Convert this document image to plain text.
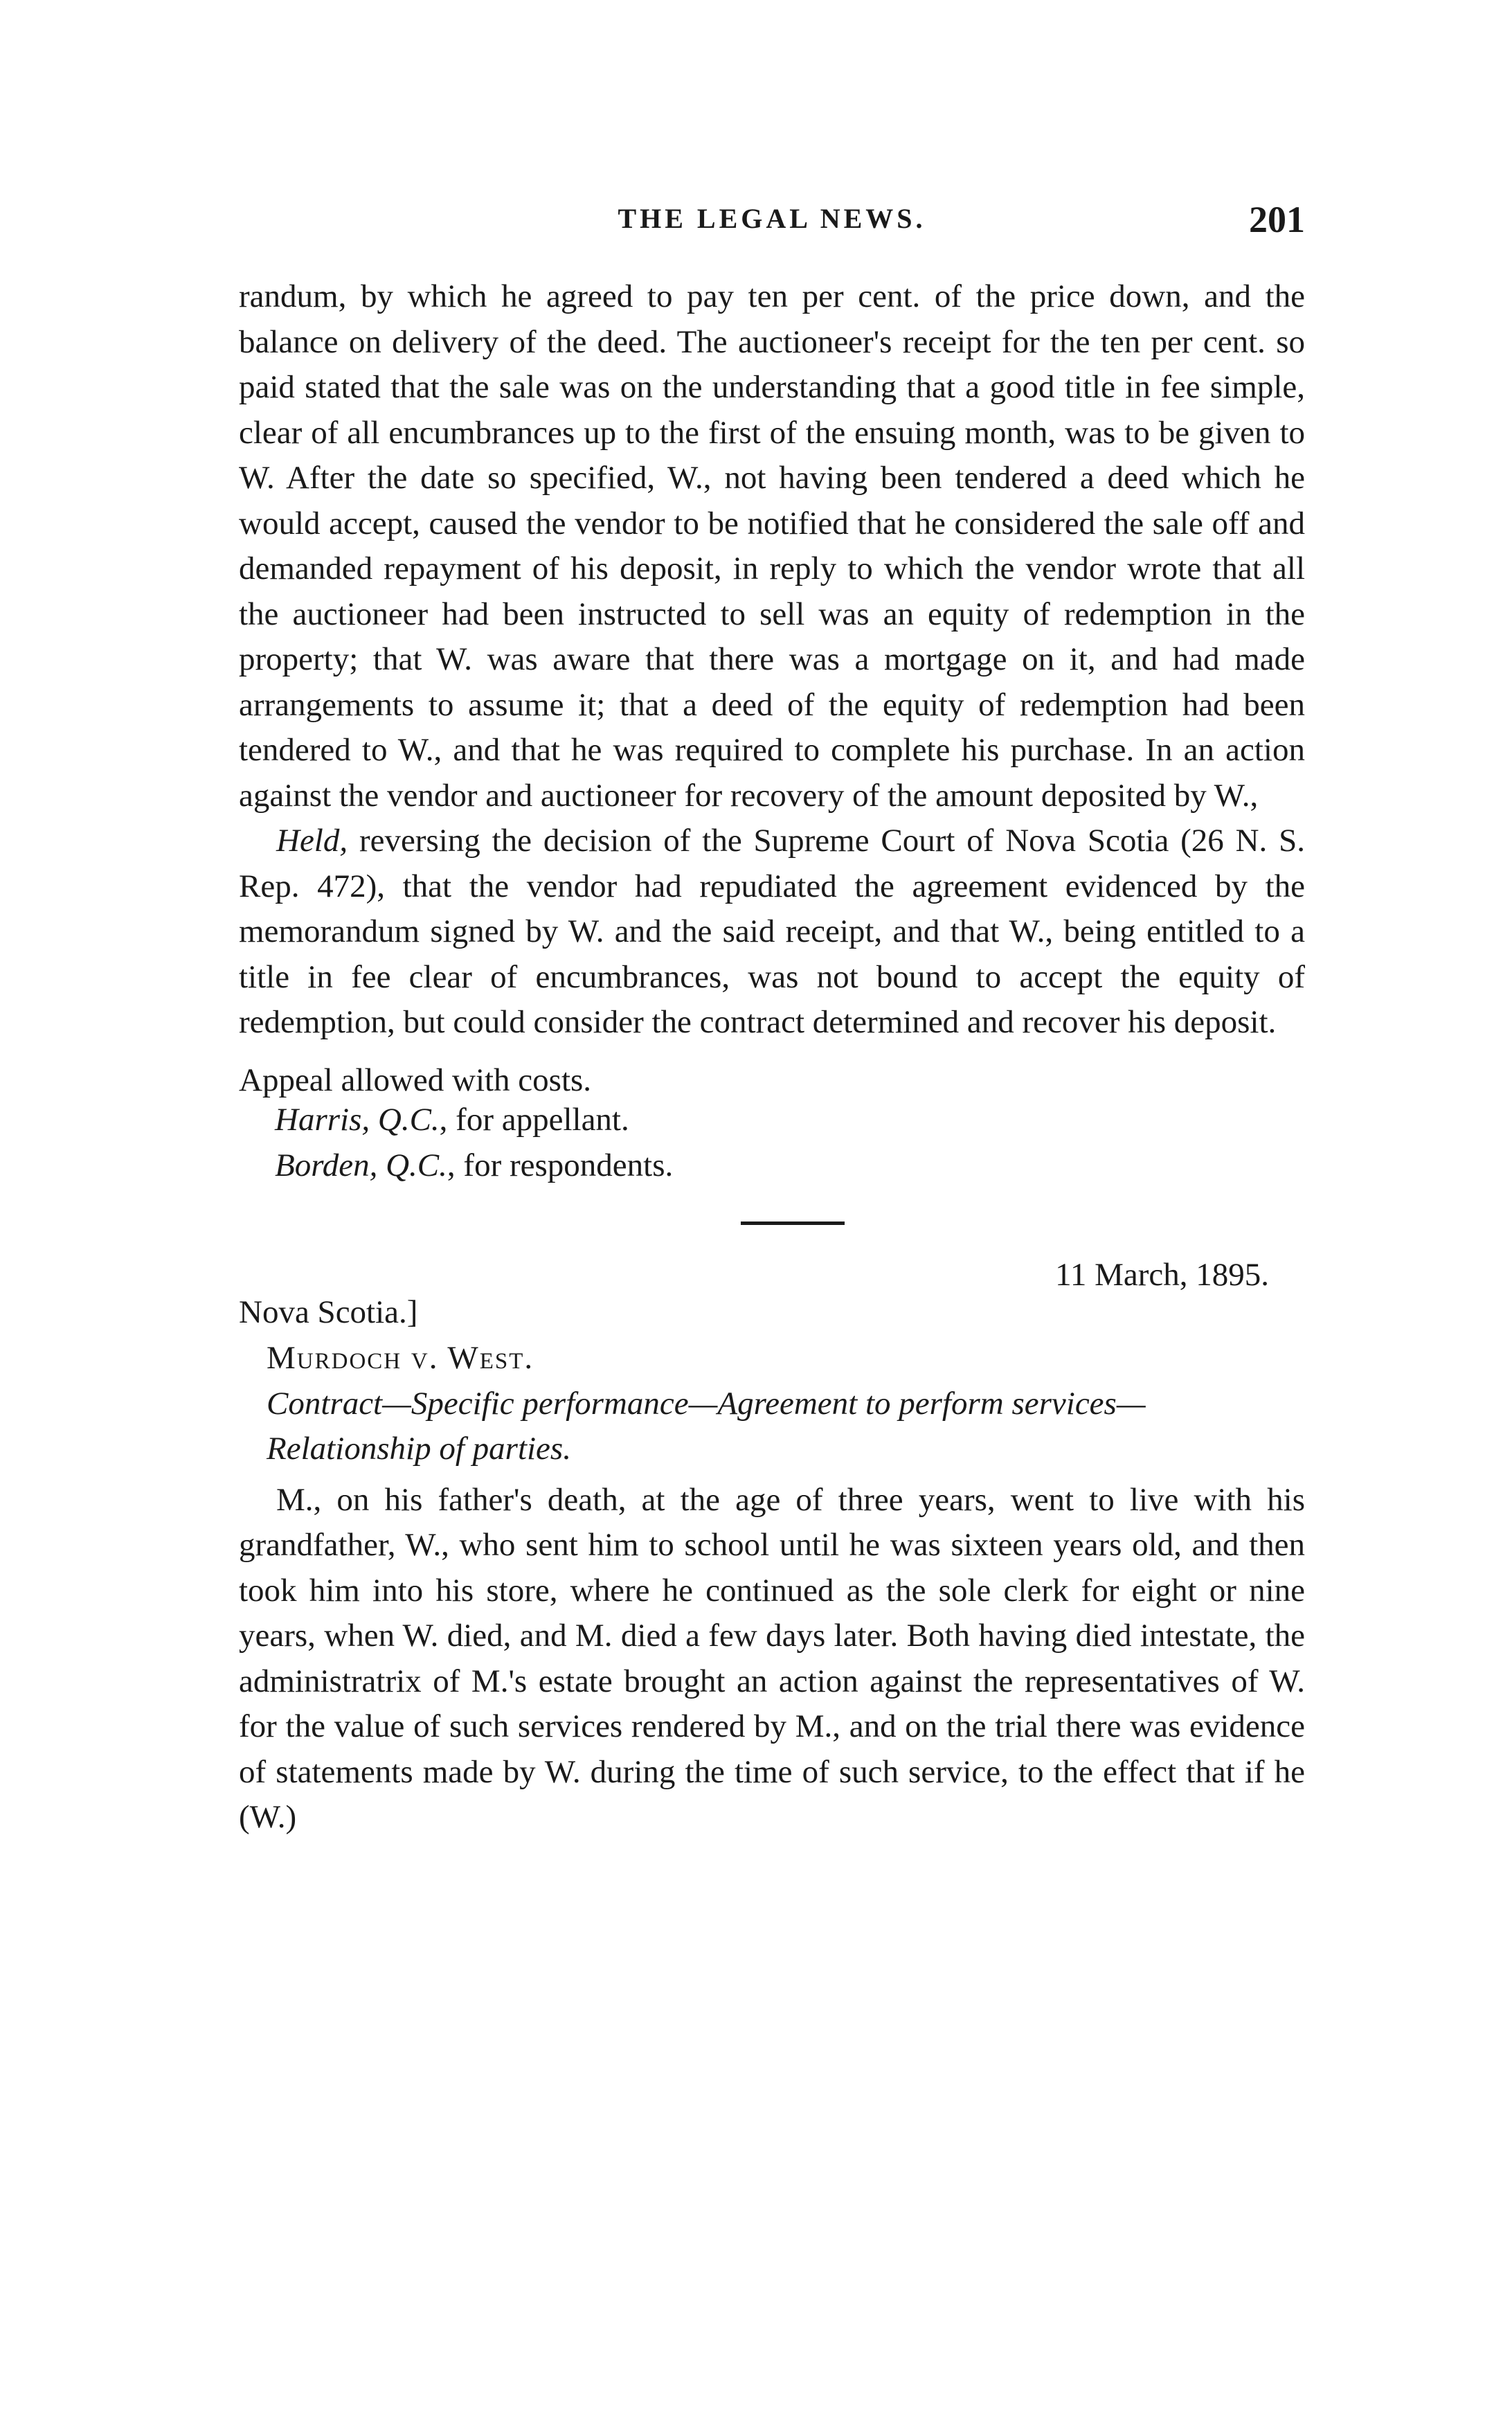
THE LEGAL NEWS.	201

randum, by which he agreed to pay ten per cent. of the price down, and the balance on delivery of the deed. The auctioneer's receipt for the ten per cent. so paid stated that the sale was on the understanding that a good title in fee simple, clear of all encumbrances up to the first of the ensuing month, was to be given to W. After the date so specified, W., not having been tendered a deed which he would accept, caused the vendor to be notified that he considered the sale off and demanded repayment of his deposit, in reply to which the vendor wrote that all the auctioneer had been instructed to sell was an equity of redemption in the property; that W. was aware that there was a mortgage on it, and had made arrangements to assume it; that a deed of the equity of redemption had been tendered to W., and that he was required to complete his purchase. In an action against the vendor and auctioneer for recovery of the amount deposited by W.,

Held, reversing the decision of the Supreme Court of Nova Scotia (26 N. S. Rep. 472), that the vendor had repudiated the agreement evidenced by the memorandum signed by W. and the said receipt, and that W., being entitled to a title in fee clear of encumbrances, was not bound to accept the equity of redemption, but could consider the contract determined and recover his deposit.

Appeal allowed with costs.

Harris, Q.C., for appellant.

Borden, Q.C., for respondents.

11 March, 1895.
Nova Scotia.]

Murdoch v. West.

Contract—Specific performance—Agreement to perform services—

Relationship of parties.

M., on his father's death, at the age of three years, went to live with his grandfather, W., who sent him to school until he was sixteen years old, and then took him into his store, where he continued as the sole clerk for eight or nine years, when W. died, and M. died a few days later. Both having died intestate, the administratrix of M.'s estate brought an action against the representatives of W. for the value of such services rendered by M., and on the trial there was evidence of statements made by W. during the time of such service, to the effect that if he (W.)
